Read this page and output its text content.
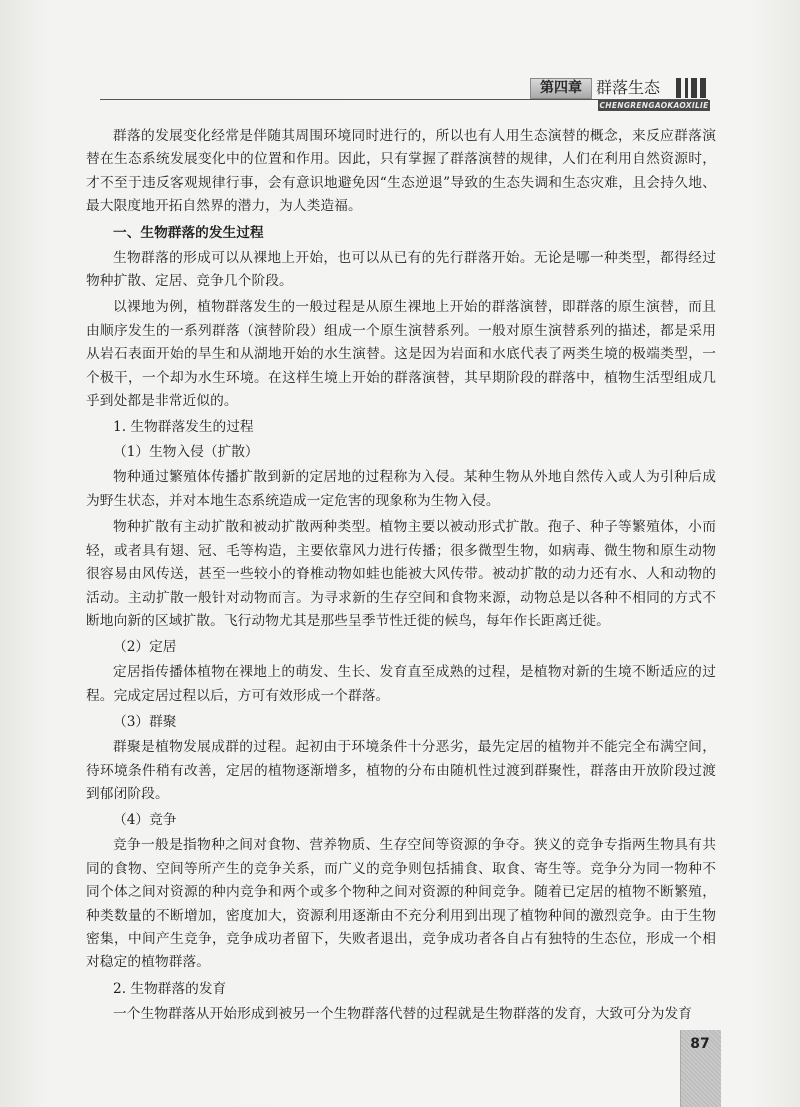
第四章 群落生态
CHENGRENGAOKAOXILIE

群落的发展变化经常是伴随其周围环境同时进行的，所以也有人用生态演替的概念，来反应群落演替在生态系统发展变化中的位置和作用。因此，只有掌握了群落演替的规律，人们在利用自然资源时，才不至于违反客观规律行事，会有意识地避免因“生态逆退”导致的生态失调和生态灾难，且会持久地、最大限度地开拓自然界的潜力，为人类造福。

一、生物群落的发生过程

生物群落的形成可以从裸地上开始，也可以从已有的先行群落开始。无论是哪一种类型，都得经过物种扩散、定居、竞争几个阶段。

以裸地为例，植物群落发生的一般过程是从原生裸地上开始的群落演替，即群落的原生演替，而且由顺序发生的一系列群落（演替阶段）组成一个原生演替系列。一般对原生演替系列的描述，都是采用从岩石表面开始的旱生和从湖地开始的水生演替。这是因为岩面和水底代表了两类生境的极端类型，一个极干，一个却为水生环境。在这样生境上开始的群落演替，其早期阶段的群落中，植物生活型组成几乎到处都是非常近似的。

1. 生物群落发生的过程

（1）生物入侵（扩散）

物种通过繁殖体传播扩散到新的定居地的过程称为入侵。某种生物从外地自然传入或人为引种后成为野生状态，并对本地生态系统造成一定危害的现象称为生物入侵。

物种扩散有主动扩散和被动扩散两种类型。植物主要以被动形式扩散。孢子、种子等繁殖体，小而轻，或者具有翅、冠、毛等构造，主要依靠风力进行传播；很多微型生物，如病毒、微生物和原生动物很容易由风传送，甚至一些较小的脊椎动物如蛙也能被大风传带。被动扩散的动力还有水、人和动物的活动。主动扩散一般针对动物而言。为寻求新的生存空间和食物来源，动物总是以各种不相同的方式不断地向新的区域扩散。飞行动物尤其是那些呈季节性迁徙的候鸟，每年作长距离迁徙。

（2）定居

定居指传播体植物在裸地上的萌发、生长、发育直至成熟的过程，是植物对新的生境不断适应的过程。完成定居过程以后，方可有效形成一个群落。

（3）群聚

群聚是植物发展成群的过程。起初由于环境条件十分恶劣，最先定居的植物并不能完全布满空间，待环境条件稍有改善，定居的植物逐渐增多，植物的分布由随机性过渡到群聚性，群落由开放阶段过渡到郁闭阶段。

（4）竞争

竞争一般是指物种之间对食物、营养物质、生存空间等资源的争夺。狭义的竞争专指两生物具有共同的食物、空间等所产生的竞争关系，而广义的竞争则包括捕食、取食、寄生等。竞争分为同一物种不同个体之间对资源的种内竞争和两个或多个物种之间对资源的种间竞争。随着已定居的植物不断繁殖，种类数量的不断增加，密度加大，资源利用逐渐由不充分利用到出现了植物种间的激烈竞争。由于生物密集，中间产生竞争，竞争成功者留下，失败者退出，竞争成功者各自占有独特的生态位，形成一个相对稳定的植物群落。

2. 生物群落的发育

一个生物群落从开始形成到被另一个生物群落代替的过程就是生物群落的发育，大致可分为发育

87
